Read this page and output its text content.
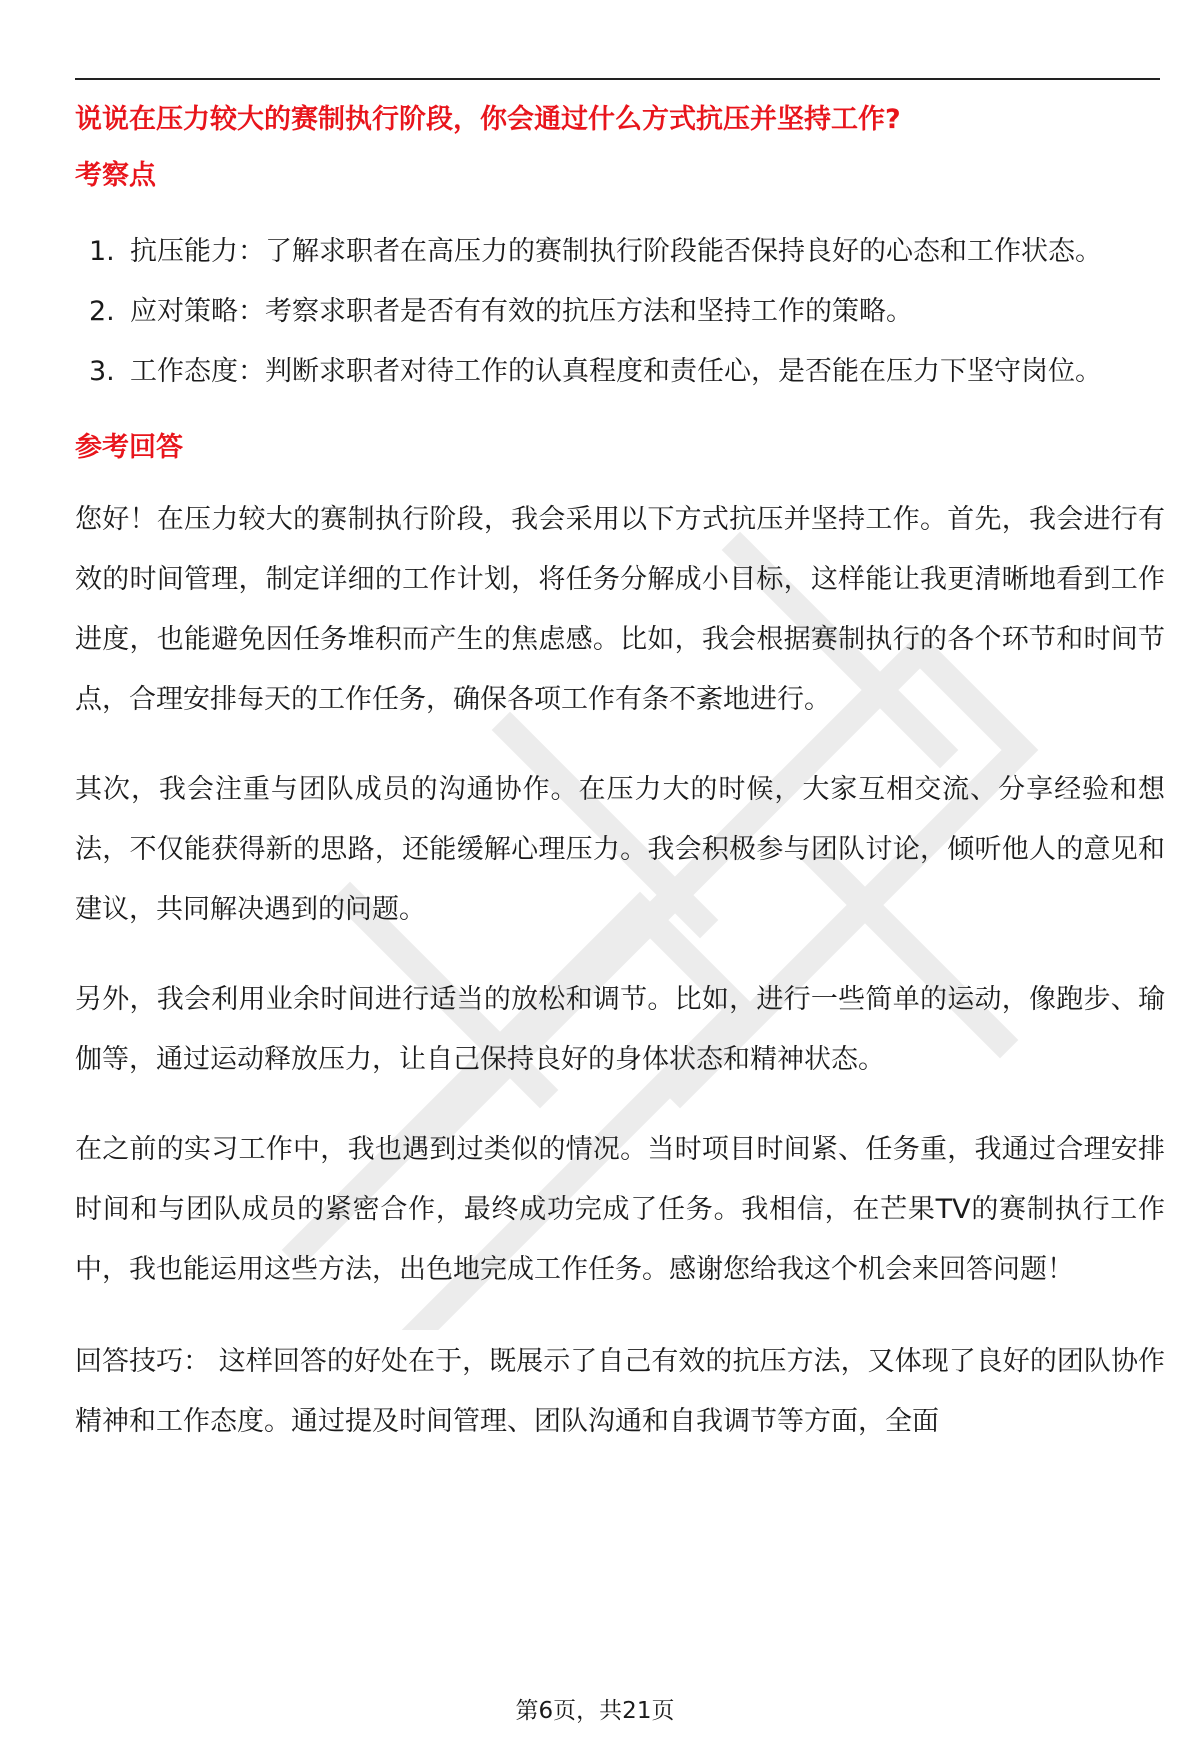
说说在压力较大的赛制执行阶段，你会通过什么方式抗压并坚持工作?
考察点
1. 抗压能力：了解求职者在高压力的赛制执行阶段能否保持良好的心态和工作状态。
2. 应对策略：考察求职者是否有有效的抗压方法和坚持工作的策略。
3. 工作态度：判断求职者对待工作的认真程度和责任心，是否能在压力下坚守岗位。
参考回答

您好！在压力较大的赛制执行阶段，我会采用以下方式抗压并坚持工作。首先，我会进行有效的时间管理，制定详细的工作计划，将任务分解成小目标，这样能让我更清晰地看到工作进度，也能避免因任务堆积而产生的焦虑感。比如，我会根据赛制执行的各个环节和时间节点，合理安排每天的工作任务，确保各项工作有条不紊地进行。

其次，我会注重与团队成员的沟通协作。在压力大的时候，大家互相交流、分享经验和想法，不仅能获得新的思路，还能缓解心理压力。我会积极参与团队讨论，倾听他人的意见和建议，共同解决遇到的问题。

另外，我会利用业余时间进行适当的放松和调节。比如，进行一些简单的运动，像跑步、瑜伽等，通过运动释放压力，让自己保持良好的身体状态和精神状态。

在之前的实习工作中，我也遇到过类似的情况。当时项目时间紧、任务重，我通过合理安排时间和与团队成员的紧密合作，最终成功完成了任务。我相信，在芒果TV的赛制执行工作中，我也能运用这些方法，出色地完成工作任务。感谢您给我这个机会来回答问题！

回答技巧： 这样回答的好处在于，既展示了自己有效的抗压方法，又体现了良好的团队协作精神和工作态度。通过提及时间管理、团队沟通和自我调节等方面，全面

第6页，共21页
